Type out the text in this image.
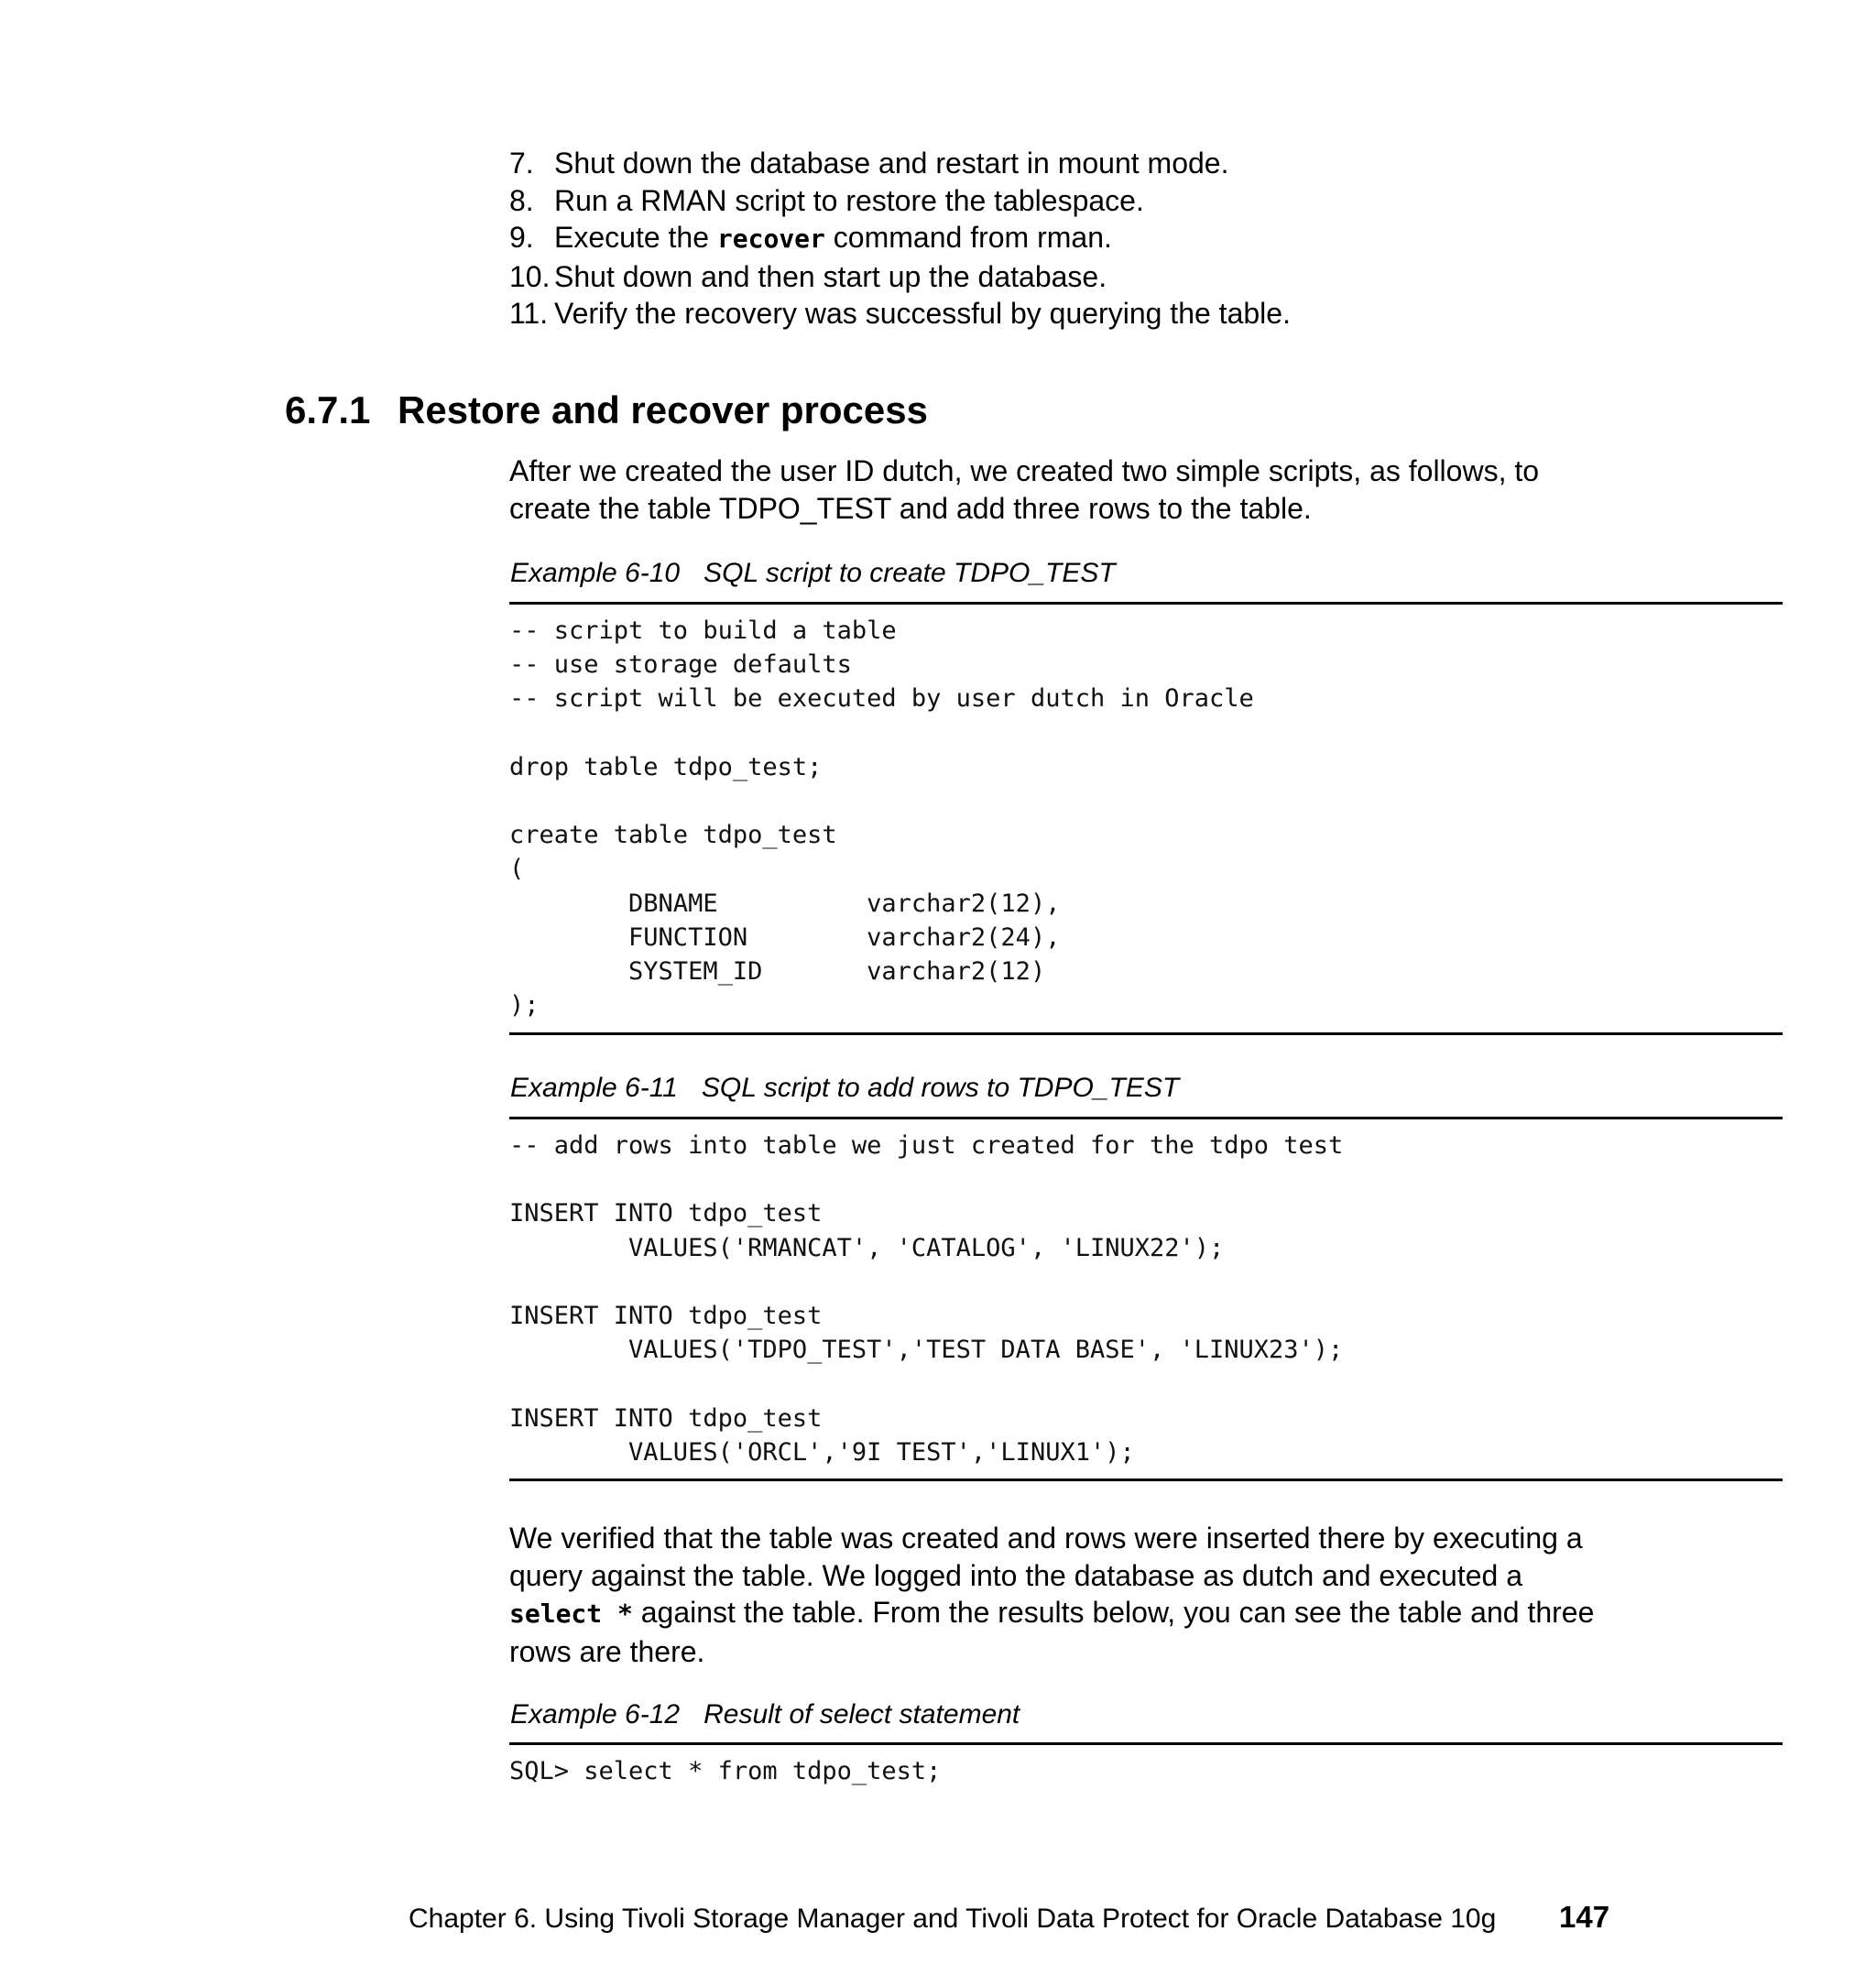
7. Shut down the database and restart in mount mode.
8. Run a RMAN script to restore the tablespace.
9. Execute the recover command from rman.
10. Shut down and then start up the database.
11. Verify the recovery was successful by querying the table.
6.7.1 Restore and recover process

After we created the user ID dutch, we created two simple scripts, as follows, to create the table TDPO_TEST and add three rows to the table.

Example 6-10 SQL script to create TDPO_TEST
-- script to build a table
-- use storage defaults
-- script will be executed by user dutch in Oracle

drop table tdpo_test;

create table tdpo_test
(
DBNAME          varchar2(12),
FUNCTION        varchar2(24),
SYSTEM_ID       varchar2(12)
);
Example 6-11 SQL script to add rows to TDPO_TEST
-- add rows into table we just created for the tdpo test

INSERT INTO tdpo_test
VALUES('RMANCAT', 'CATALOG', 'LINUX22');

INSERT INTO tdpo_test
VALUES('TDPO_TEST','TEST DATA BASE', 'LINUX23');

INSERT INTO tdpo_test
VALUES('ORCL','9I TEST','LINUX1');

We verified that the table was created and rows were inserted there by executing a query against the table. We logged into the database as dutch and executed a select * against the table. From the results below, you can see the table and three rows are there.

Example 6-12 Result of select statement
SQL> select * from tdpo_test;
Chapter 6. Using Tivoli Storage Manager and Tivoli Data Protect for Oracle Database 10g 147
